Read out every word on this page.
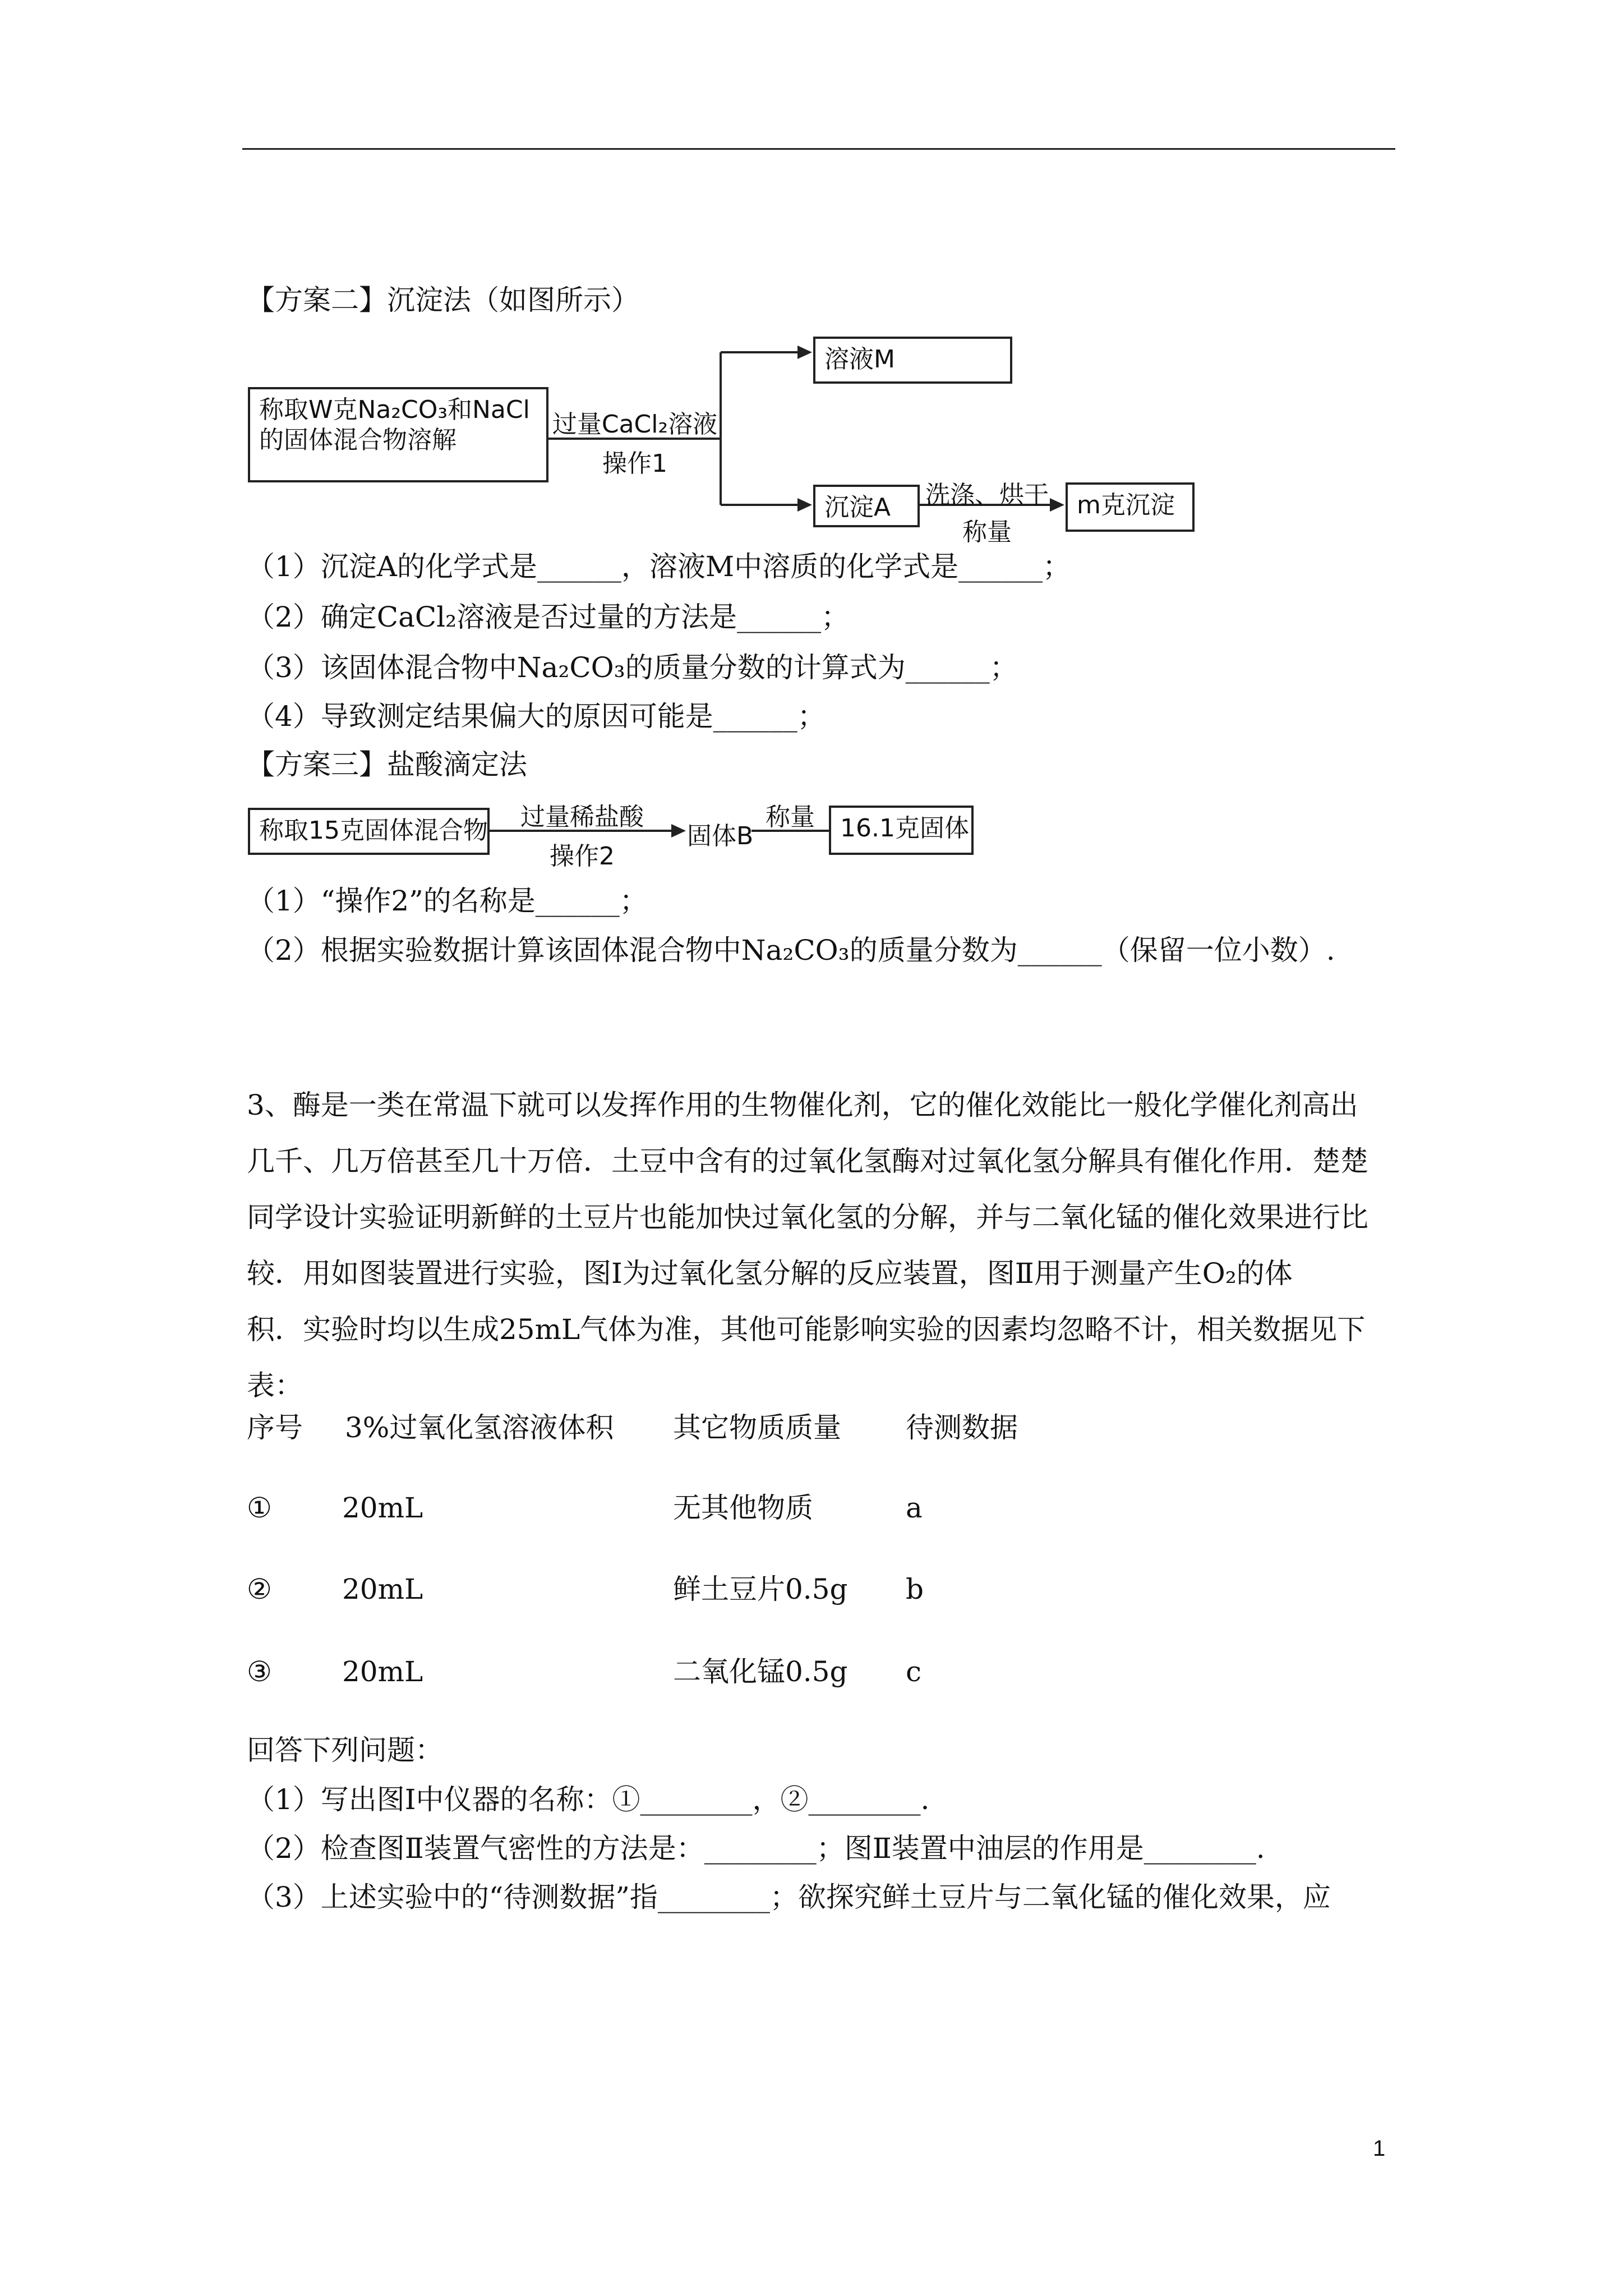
【方案二】沉淀法（如图所示）
称取W克Na₂CO₃和NaCl
的固体混合物溶解
过量CaCl₂溶液
操作1
溶液M
沉淀A	洗涤、烘干
称量
m克沉淀
（1）沉淀A的化学式是______，溶液M中溶质的化学式是______；
（2）确定CaCl₂溶液是否过量的方法是______；
（3）该固体混合物中Na₂CO₃的质量分数的计算式为______；
（4）导致测定结果偏大的原因可能是______；
【方案三】盐酸滴定法
称取15克固体混合物	过量稀盐酸
操作2
固体B
称量	16.1克固体
（1）“操作2”的名称是______；
（2）根据实验数据计算该固体混合物中Na₂CO₃的质量分数为______（保留一位小数）.
3、酶是一类在常温下就可以发挥作用的生物催化剂，它的催化效能比一般化学催化剂高出
几千、几万倍甚至几十万倍．土豆中含有的过氧化氢酶对过氧化氢分解具有催化作用．楚楚
同学设计实验证明新鲜的土豆片也能加快过氧化氢的分解，并与二氧化锰的催化效果进行比
较．用如图装置进行实验，图Ⅰ为过氧化氢分解的反应装置，图Ⅱ用于测量产生O₂的体
积．实验时均以生成25mL气体为准，其他可能影响实验的因素均忽略不计，相关数据见下
表：
序号 3%过氧化氢溶液体积 其它物质质量 待测数据
①	20mL	无其他物质	a
②	20mL	鲜土豆片0.5g b
③	20mL	二氧化锰0.5g c
回答下列问题：
（1）写出图Ⅰ中仪器的名称：①________，②________.
（2）检查图Ⅱ装置气密性的方法是：________；图Ⅱ装置中油层的作用是________.
（3）上述实验中的“待测数据”指________；欲探究鲜土豆片与二氧化锰的催化效果，应
1
